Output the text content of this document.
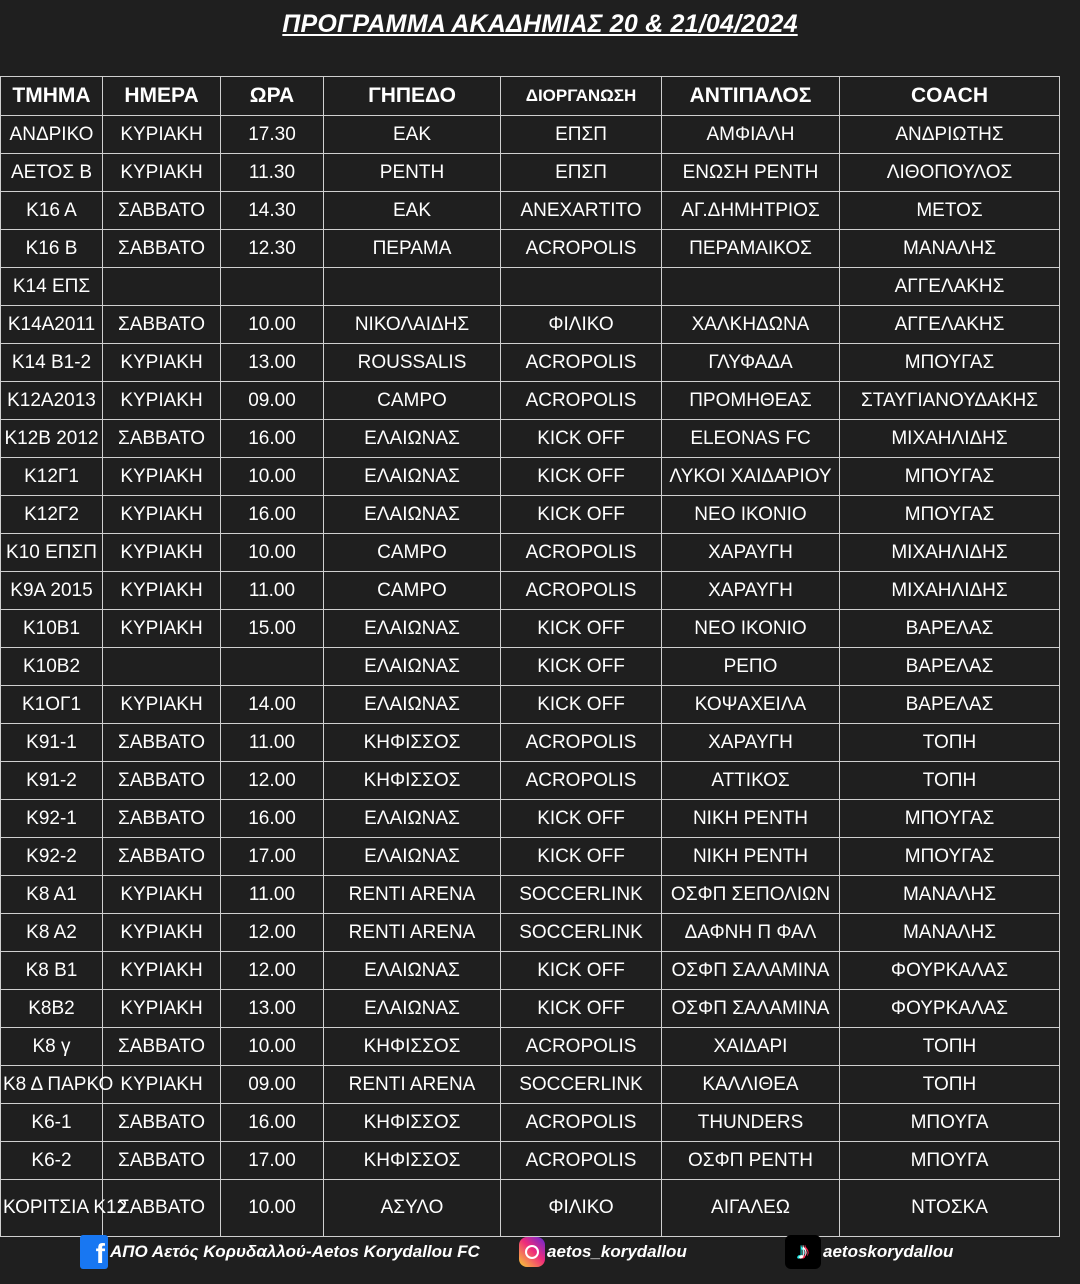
ΠΡΟΓΡΑΜΜΑ ΑΚΑΔΗΜΙΑΣ 20 & 21/04/2024
ΤΜΗΜΑ	ΗΜΕΡΑ	ΩΡΑ	ΓΗΠΕΔΟ	ΔΙΟΡΓΑΝΩΣΗ	ΑΝΤΙΠΑΛΟΣ	COACH
ΑΝΔΡΙΚΟ	ΚΥΡΙΑΚΗ	17.30	ΕΑΚ	ΕΠΣΠ	ΑΜΦΙΑΛΗ	ΑΝΔΡΙΩΤΗΣ
ΑΕΤΟΣ Β	ΚΥΡΙΑΚΗ	11.30	ΡΕΝΤΗ	ΕΠΣΠ	ΕΝΩΣΗ ΡΕΝΤΗ	ΛΙΘΟΠΟΥΛΟΣ
Κ16 Α	ΣΑΒΒΑΤΟ	14.30	ΕΑΚ	ΑΝΕΧΑRΤΙΤΟ	ΑΓ.ΔΗΜΗΤΡΙΟΣ	ΜΕΤΟΣ
Κ16 Β	ΣΑΒΒΑΤΟ	12.30	ΠΕΡΑΜΑ	ACROPOLIS	ΠΕΡΑΜΑΙΚΟΣ	ΜΑΝΑΛΗΣ
Κ14 ΕΠΣ						ΑΓΓΕΛΑΚΗΣ
Κ14Α2011	ΣΑΒΒΑΤΟ	10.00	ΝΙΚΟΛΑΙΔΗΣ	ΦΙΛΙΚΟ	ΧΑΛΚΗΔΩΝΑ	ΑΓΓΕΛΑΚΗΣ
Κ14 Β1-2	ΚΥΡΙΑΚΗ	13.00	ROUSSALIS	ACROPOLIS	ΓΛΥΦΑΔΑ	ΜΠΟΥΓΑΣ
Κ12Α2013	ΚΥΡΙΑΚΗ	09.00	CAMPO	ACROPOLIS	ΠΡΟΜΗΘΕΑΣ	ΣΤΑΥΓΙΑΝΟΥΔΑΚΗΣ
Κ12Β 2012	ΣΑΒΒΑΤΟ	16.00	ΕΛΑΙΩΝΑΣ	KICK OFF	ELEONAS FC	ΜΙΧΑΗΛΙΔΗΣ
Κ12Γ1	ΚΥΡΙΑΚΗ	10.00	ΕΛΑΙΩΝΑΣ	KICK OFF	ΛΥΚΟΙ ΧΑΙΔΑΡΙΟΥ	ΜΠΟΥΓΑΣ
Κ12Γ2	ΚΥΡΙΑΚΗ	16.00	ΕΛΑΙΩΝΑΣ	KICK OFF	ΝΕΟ ΙΚΟΝΙΟ	ΜΠΟΥΓΑΣ
Κ10 ΕΠΣΠ	ΚΥΡΙΑΚΗ	10.00	CAMPO	ACROPOLIS	ΧΑΡΑΥΓΗ	ΜΙΧΑΗΛΙΔΗΣ
Κ9Α 2015	ΚΥΡΙΑΚΗ	11.00	CAMPO	ACROPOLIS	ΧΑΡΑΥΓΗ	ΜΙΧΑΗΛΙΔΗΣ
Κ10Β1	ΚΥΡΙΑΚΗ	15.00	ΕΛΑΙΩΝΑΣ	KICK OFF	ΝΕΟ ΙΚΟΝΙΟ	ΒΑΡΕΛΑΣ
Κ10Β2			ΕΛΑΙΩΝΑΣ	KICK OFF	ΡΕΠΟ	ΒΑΡΕΛΑΣ
Κ1ΟΓ1	ΚΥΡΙΑΚΗ	14.00	ΕΛΑΙΩΝΑΣ	KICK OFF	ΚΟΨΑΧΕΙΛΑ	ΒΑΡΕΛΑΣ
Κ91-1	ΣΑΒΒΑΤΟ	11.00	ΚΗΦΙΣΣΟΣ	ACROPOLIS	ΧΑΡΑΥΓΗ	ΤΟΠΗ
Κ91-2	ΣΑΒΒΑΤΟ	12.00	ΚΗΦΙΣΣΟΣ	ACROPOLIS	ΑΤΤΙΚΟΣ	ΤΟΠΗ
Κ92-1	ΣΑΒΒΑΤΟ	16.00	ΕΛΑΙΩΝΑΣ	KICK OFF	ΝΙΚΗ ΡΕΝΤΗ	ΜΠΟΥΓΑΣ
Κ92-2	ΣΑΒΒΑΤΟ	17.00	ΕΛΑΙΩΝΑΣ	KICK OFF	ΝΙΚΗ ΡΕΝΤΗ	ΜΠΟΥΓΑΣ
Κ8 Α1	ΚΥΡΙΑΚΗ	11.00	RENTI ARENA	SOCCERLINK	ΟΣΦΠ ΣΕΠΟΛΙΩΝ	ΜΑΝΑΛΗΣ
Κ8 Α2	ΚΥΡΙΑΚΗ	12.00	RENTI ARENA	SOCCERLINK	ΔΑΦΝΗ Π ΦΑΛ	ΜΑΝΑΛΗΣ
Κ8 Β1	ΚΥΡΙΑΚΗ	12.00	ΕΛΑΙΩΝΑΣ	KICK OFF	ΟΣΦΠ ΣΑΛΑΜΙΝΑ	ΦΟΥΡΚΑΛΑΣ
Κ8Β2	ΚΥΡΙΑΚΗ	13.00	ΕΛΑΙΩΝΑΣ	KICK OFF	ΟΣΦΠ ΣΑΛΑΜΙΝΑ	ΦΟΥΡΚΑΛΑΣ
Κ8 γ	ΣΑΒΒΑΤΟ	10.00	ΚΗΦΙΣΣΟΣ	ACROPOLIS	ΧΑΙΔΑΡΙ	ΤΟΠΗ
Κ8 Δ ΠΑΡΚΟ	ΚΥΡΙΑΚΗ	09.00	RENTI ARENA	SOCCERLINK	ΚΑΛΛΙΘΕΑ	ΤΟΠΗ
Κ6-1	ΣΑΒΒΑΤΟ	16.00	ΚΗΦΙΣΣΟΣ	ACROPOLIS	THUNDERS	ΜΠΟΥΓΑ
Κ6-2	ΣΑΒΒΑΤΟ	17.00	ΚΗΦΙΣΣΟΣ	ACROPOLIS	ΟΣΦΠ ΡΕΝΤΗ	ΜΠΟΥΓΑ
ΚΟΡΙΤΣΙΑ Κ12	ΣΑΒΒΑΤΟ	10.00	ΑΣΥΛΟ	ΦΙΛΙΚΟ	ΑΙΓΑΛΕΩ	ΝΤΟΣΚΑ
f ΑΠΟ Αετός Κορυδαλλού-Aetos Korydallou FC	aetos_korydallou	♪ aetoskorydallou
